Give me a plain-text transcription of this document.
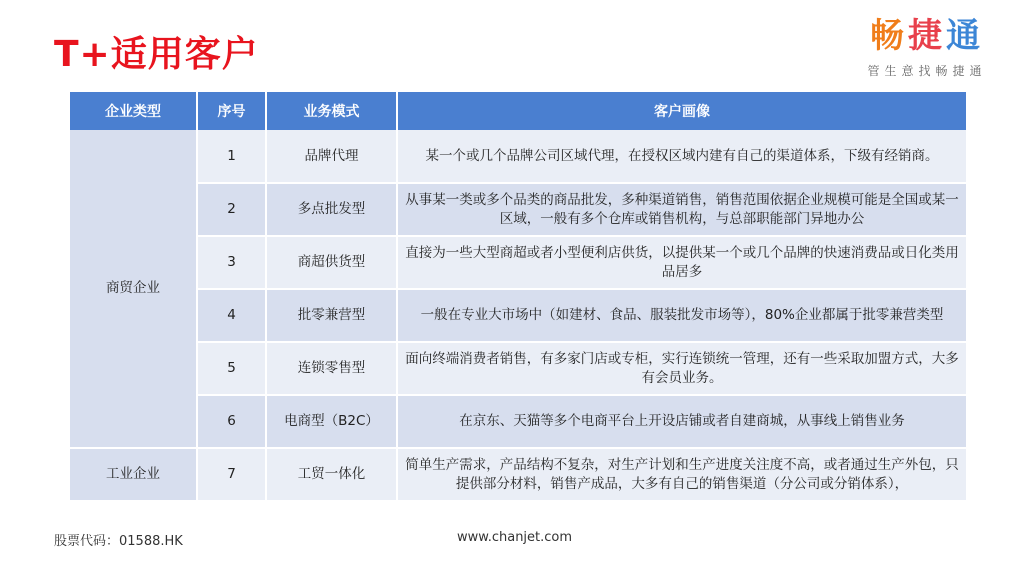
T+适用客户	畅捷通
管生意找畅捷通
企业类型	序号	业务模式	客户画像
商贸企业	1	品牌代理	某一个或几个品牌公司区域代理，在授权区域内建有自己的渠道体系，下级有经销商。
	2	多点批发型	从事某一类或多个品类的商品批发，多种渠道销售，销售范围依据企业规模可能是全国或某一区域，一般有多个仓库或销售机构，与总部职能部门异地办公
	3	商超供货型	直接为一些大型商超或者小型便利店供货，以提供某一个或几个品牌的快速消费品或日化类用品居多
	4	批零兼营型	一般在专业大市场中（如建材、食品、服装批发市场等），80%企业都属于批零兼营类型
	5	连锁零售型	面向终端消费者销售，有多家门店或专柜，实行连锁统一管理，还有一些采取加盟方式，大多有会员业务。
	6	电商型（B2C）	在京东、天猫等多个电商平台上开设店铺或者自建商城，从事线上销售业务
工业企业	7	工贸一体化	简单生产需求，产品结构不复杂，对生产计划和生产进度关注度不高，或者通过生产外包，只提供部分材料，销售产成品，大多有自己的销售渠道（分公司或分销体系），
股票代码：01588.HK	www.chanjet.com
